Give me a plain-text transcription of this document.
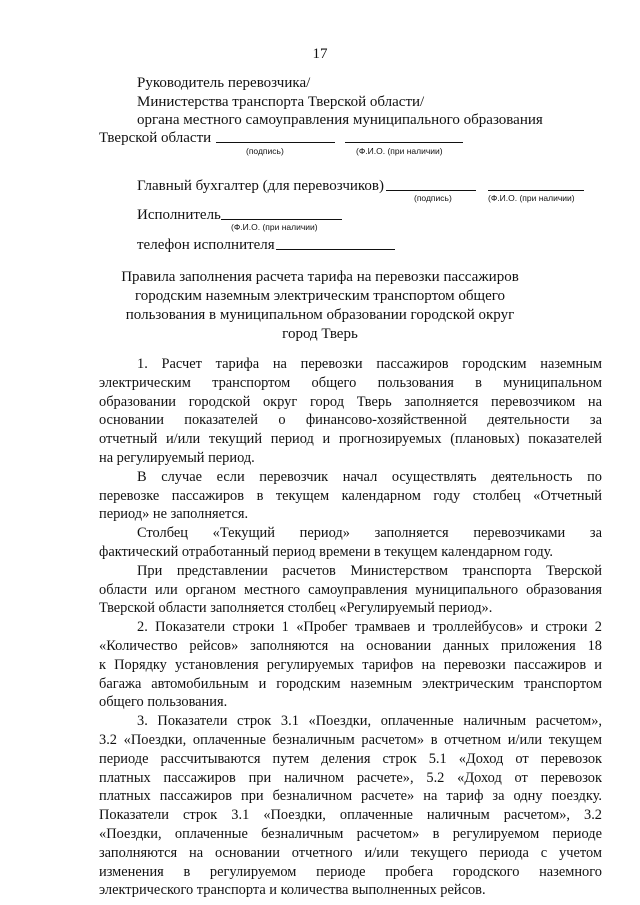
17
Руководитель перевозчика/
Министерства транспорта Тверской области/
органа местного самоуправления муниципального образования
Тверской области
(подпись)	(Ф.И.О. (при наличии)
Главный бухгалтер (для перевозчиков)
(подпись)	(Ф.И.О. (при наличии)
Исполнитель
(Ф.И.О. (при наличии)
телефон исполнителя
Правила заполнения расчета тарифа на перевозки пассажиров
городским наземным электрическим транспортом общего
пользования в муниципальном образовании городской округ
город Тверь
1. Расчет тарифа на перевозки пассажиров городским наземным
электрическим транспортом общего пользования в муниципальном
образовании городской округ город Тверь заполняется перевозчиком на
основании показателей о финансово-хозяйственной деятельности за
отчетный и/или текущий период и прогнозируемых (плановых) показателей
на регулируемый период.
В случае если перевозчик начал осуществлять деятельность по
перевозке пассажиров в текущем календарном году столбец «Отчетный
период» не заполняется.
Столбец «Текущий период» заполняется перевозчиками за
фактический отработанный период времени в текущем календарном году.
При представлении расчетов Министерством транспорта Тверской
области или органом местного самоуправления муниципального образования
Тверской области заполняется столбец «Регулируемый период».
2. Показатели строки 1 «Пробег трамваев и троллейбусов» и строки 2
«Количество рейсов» заполняются на основании данных приложения 18
к Порядку установления регулируемых тарифов на перевозки пассажиров и
багажа автомобильным и городским наземным электрическим транспортом
общего пользования.
3. Показатели строк 3.1 «Поездки, оплаченные наличным расчетом»,
3.2 «Поездки, оплаченные безналичным расчетом» в отчетном и/или текущем
периоде рассчитываются путем деления строк 5.1 «Доход от перевозок
платных пассажиров при наличном расчете», 5.2 «Доход от перевозок
платных пассажиров при безналичном расчете» на тариф за одну поездку.
Показатели строк 3.1 «Поездки, оплаченные наличным расчетом», 3.2
«Поездки, оплаченные безналичным расчетом» в регулируемом периоде
заполняются на основании отчетного и/или текущего периода с учетом
изменения в регулируемом периоде пробега городского наземного
электрического транспорта и количества выполненных рейсов.
